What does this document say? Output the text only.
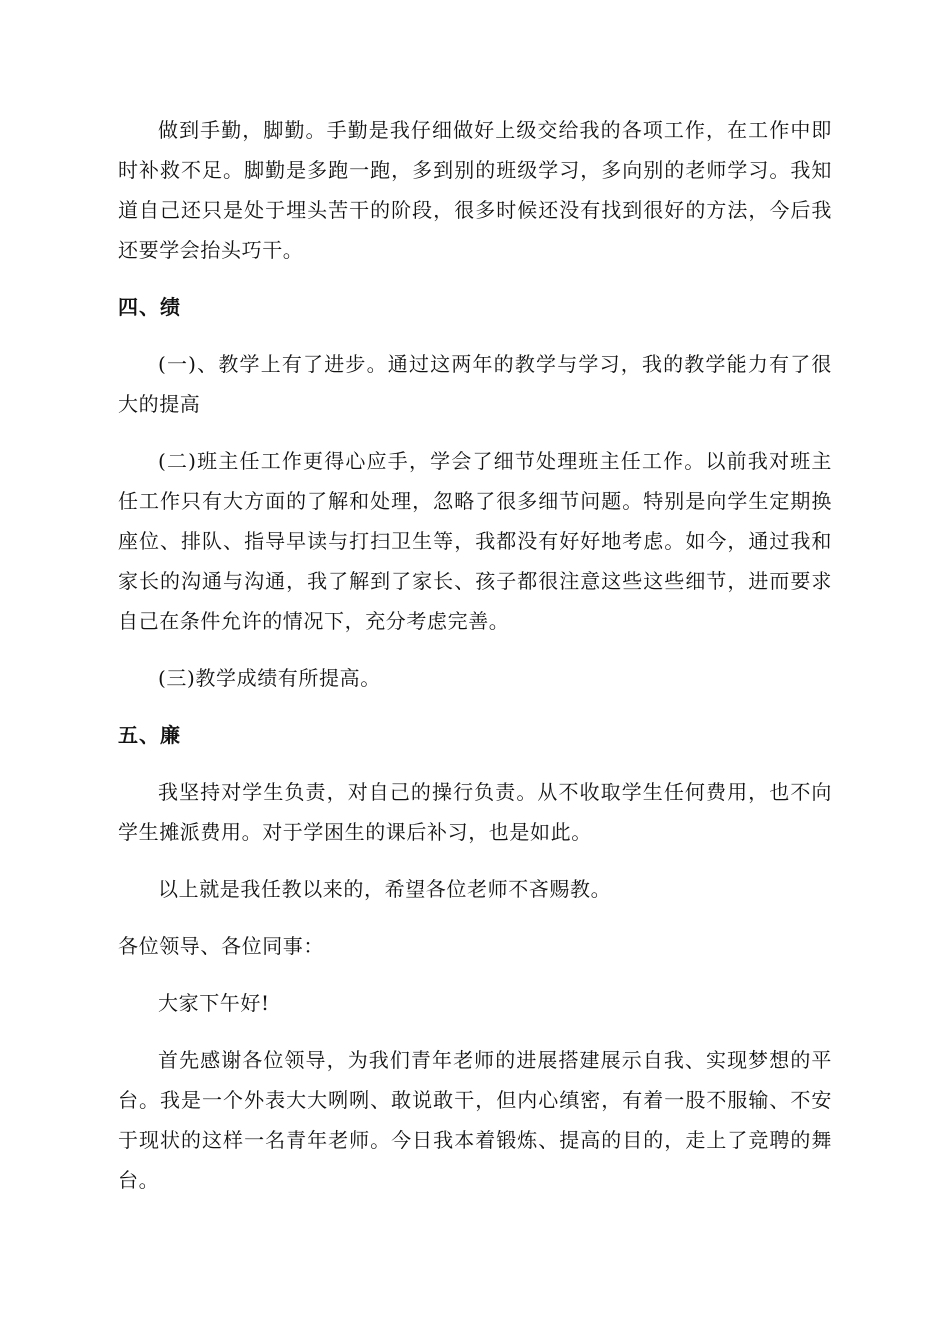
做到手勤，脚勤。手勤是我仔细做好上级交给我的各项工作，在工作中即时补救不足。脚勤是多跑一跑，多到别的班级学习，多向别的老师学习。我知道自己还只是处于埋头苦干的阶段，很多时候还没有找到很好的方法，今后我还要学会抬头巧干。

四、绩

(一)、教学上有了进步。通过这两年的教学与学习，我的教学能力有了很大的提高

(二)班主任工作更得心应手，学会了细节处理班主任工作。以前我对班主任工作只有大方面的了解和处理，忽略了很多细节问题。特别是向学生定期换座位、排队、指导早读与打扫卫生等，我都没有好好地考虑。如今，通过我和家长的沟通与沟通，我了解到了家长、孩子都很注意这些这些细节，进而要求自己在条件允许的情况下，充分考虑完善。

(三)教学成绩有所提高。

五、廉

我坚持对学生负责，对自己的操行负责。从不收取学生任何费用，也不向学生摊派费用。对于学困生的课后补习，也是如此。

以上就是我任教以来的，希望各位老师不吝赐教。

各位领导、各位同事：

大家下午好!

首先感谢各位领导，为我们青年老师的进展搭建展示自我、实现梦想的平台。我是一个外表大大咧咧、敢说敢干，但内心缜密，有着一股不服输、不安于现状的这样一名青年老师。今日我本着锻炼、提高的目的，走上了竞聘的舞台。
